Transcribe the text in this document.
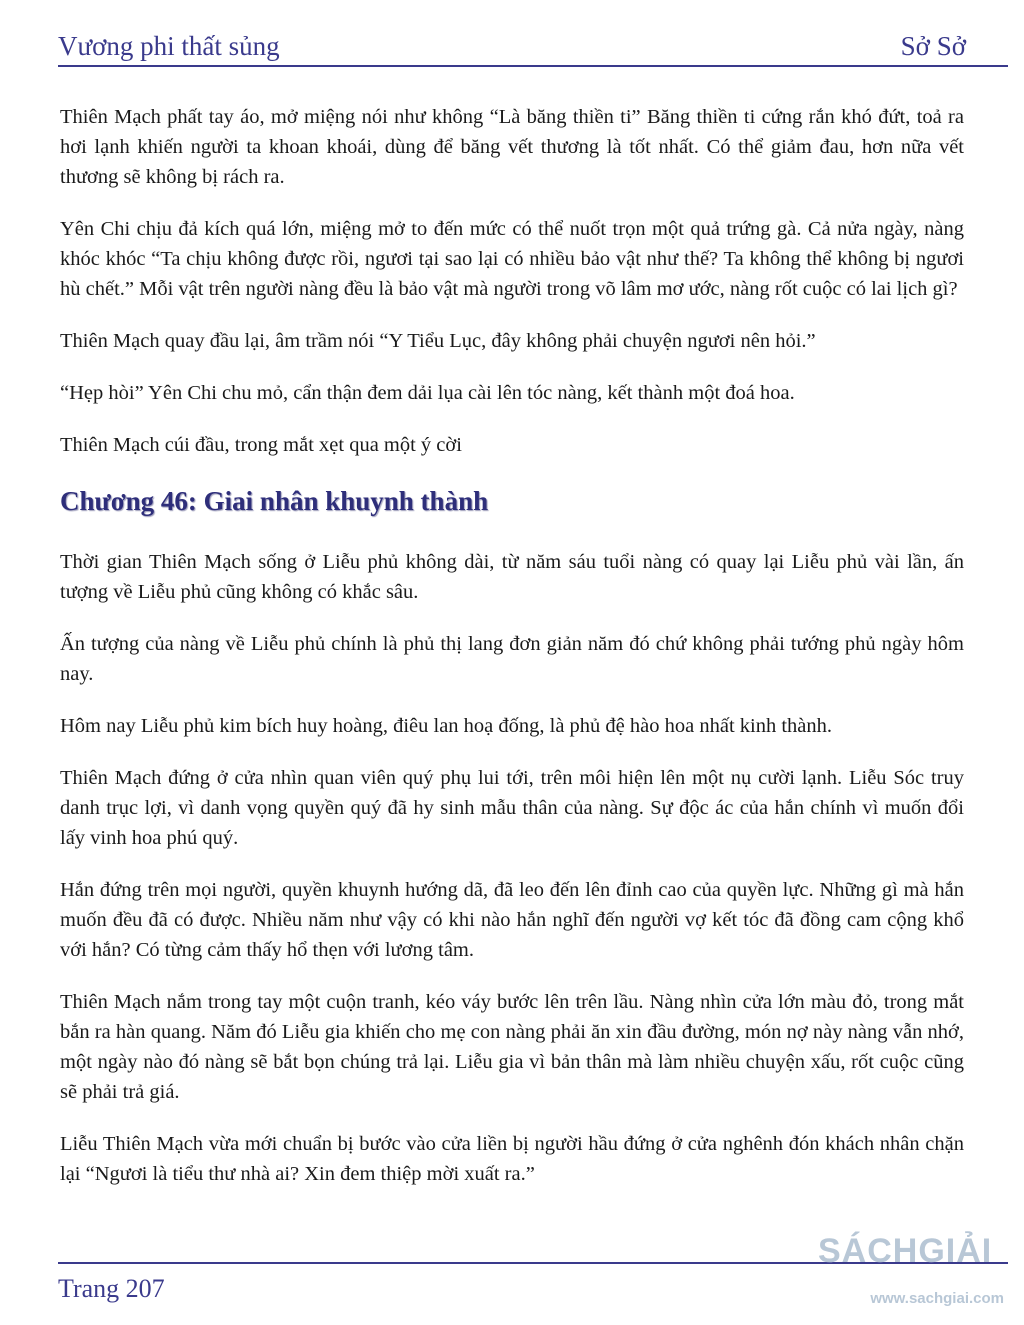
Vương phi thất sủng	Sở Sở

Thiên Mạch phất tay áo, mở miệng nói như không “Là băng thiền ti” Băng thiền ti cứng rắn khó đứt, toả ra hơi lạnh khiến người ta khoan khoái, dùng để băng vết thương là tốt nhất. Có thể giảm đau, hơn nữa vết thương sẽ không bị rách ra.

Yên Chi chịu đả kích quá lớn, miệng mở to đến mức có thể nuốt trọn một quả trứng gà. Cả nửa ngày, nàng khóc khóc “Ta chịu không được rồi, ngươi tại sao lại có nhiều bảo vật như thế? Ta không thể không bị ngươi hù chết.” Mỗi vật trên người nàng đều là bảo vật mà người trong võ lâm mơ ước, nàng rốt cuộc có lai lịch gì?

Thiên Mạch quay đầu lại, âm trầm nói “Y Tiểu Lục, đây không phải chuyện ngươi nên hỏi.”

“Hẹp hòi” Yên Chi chu mỏ, cẩn thận đem dải lụa cài lên tóc nàng, kết thành một đoá hoa.

Thiên Mạch cúi đầu, trong mắt xẹt qua một ý cời

Chương 46: Giai nhân khuynh thành

Thời gian Thiên Mạch sống ở Liễu phủ không dài, từ năm sáu tuổi nàng có quay lại Liễu phủ vài lần, ấn tượng về Liễu phủ cũng không có khắc sâu.

Ấn tượng của nàng về Liễu phủ chính là phủ thị lang đơn giản năm đó chứ không phải tướng phủ ngày hôm nay.

Hôm nay Liễu phủ kim bích huy hoàng, điêu lan hoạ đống, là phủ đệ hào hoa nhất kinh thành.

Thiên Mạch đứng ở cửa nhìn quan viên quý phụ lui tới, trên môi hiện lên một nụ cười lạnh. Liễu Sóc truy danh trục lợi, vì danh vọng quyền quý đã hy sinh mẫu thân của nàng. Sự độc ác của hắn chính vì muốn đổi lấy vinh hoa phú quý.

Hắn đứng trên mọi người, quyền khuynh hướng dã, đã leo đến lên đỉnh cao của quyền lực. Những gì mà hắn muốn đều đã có được. Nhiều năm như vậy có khi nào hắn nghĩ đến người vợ kết tóc đã đồng cam cộng khổ với hắn? Có từng cảm thấy hổ thẹn với lương tâm.

Thiên Mạch nắm trong tay một cuộn tranh, kéo váy bước lên trên lầu. Nàng nhìn cửa lớn màu đỏ, trong mắt bắn ra hàn quang. Năm đó Liễu gia khiến cho mẹ con nàng phải ăn xin đầu đường, món nợ này nàng vẫn nhớ, một ngày nào đó nàng sẽ bắt bọn chúng trả lại. Liễu gia vì bản thân mà làm nhiều chuyện xấu, rốt cuộc cũng sẽ phải trả giá.

Liễu Thiên Mạch vừa mới chuẩn bị bước vào cửa liền bị người hầu đứng ở cửa nghênh đón khách nhân chặn lại “Ngươi là tiểu thư nhà ai? Xin đem thiệp mời xuất ra.”

Trang 207
SÁCHGIẢI
www.sachgiai.com
